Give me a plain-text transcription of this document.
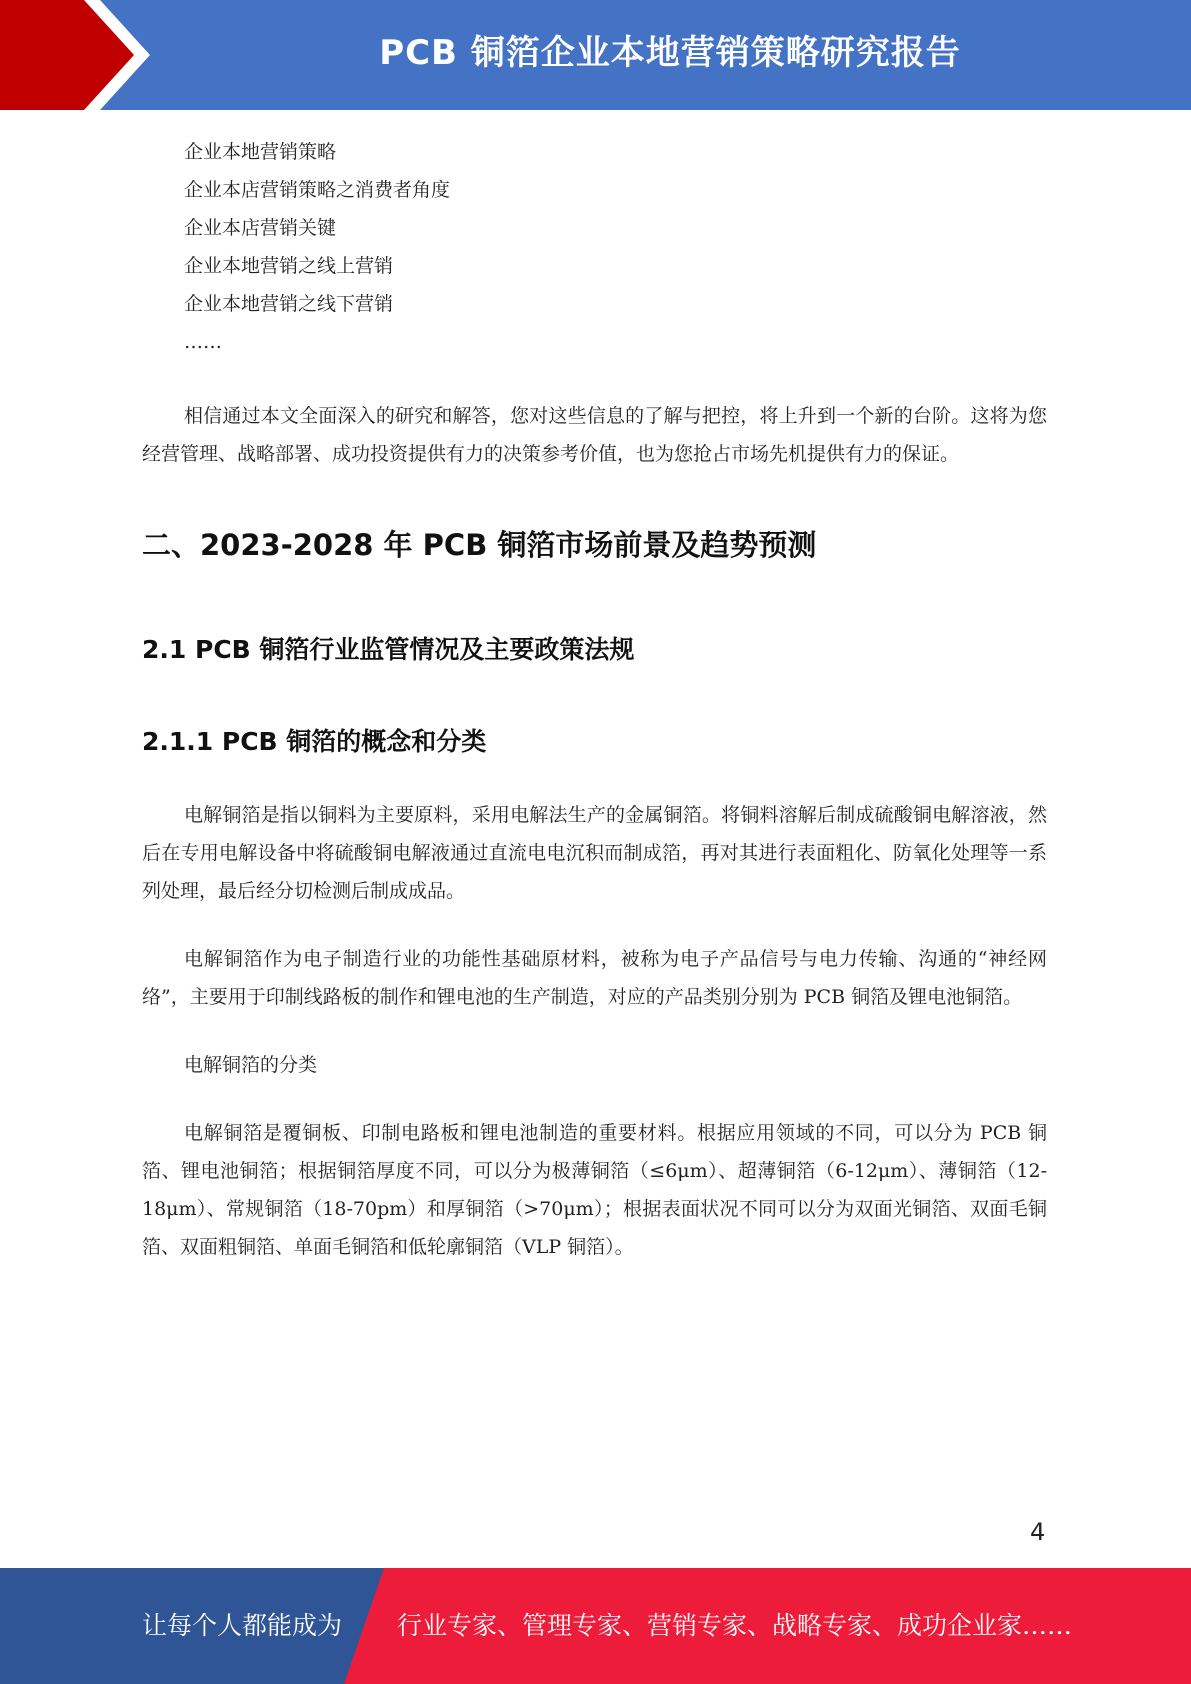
PCB 铜箔企业本地营销策略研究报告

企业本地营销策略

企业本店营销策略之消费者角度

企业本店营销关键

企业本地营销之线上营销

企业本地营销之线下营销

……

相信通过本文全面深入的研究和解答，您对这些信息的了解与把控，将上升到一个新的台阶。这将为您经营管理、战略部署、成功投资提供有力的决策参考价值，也为您抢占市场先机提供有力的保证。

二、2023-2028 年 PCB 铜箔市场前景及趋势预测
2.1 PCB 铜箔行业监管情况及主要政策法规
2.1.1 PCB 铜箔的概念和分类

电解铜箔是指以铜料为主要原料，采用电解法生产的金属铜箔。将铜料溶解后制成硫酸铜电解溶液，然后在专用电解设备中将硫酸铜电解液通过直流电电沉积而制成箔，再对其进行表面粗化、防氧化处理等一系列处理，最后经分切检测后制成成品。

电解铜箔作为电子制造行业的功能性基础原材料，被称为电子产品信号与电力传输、沟通的“神经网络”，主要用于印制线路板的制作和锂电池的生产制造，对应的产品类别分别为 PCB 铜箔及锂电池铜箔。

电解铜箔的分类

电解铜箔是覆铜板、印制电路板和锂电池制造的重要材料。根据应用领域的不同，可以分为 PCB 铜箔、锂电池铜箔；根据铜箔厚度不同，可以分为极薄铜箔（≤6μm）、超薄铜箔（6-12μm）、薄铜箔（12-18μm）、常规铜箔（18-70pm）和厚铜箔（>70μm）；根据表面状况不同可以分为双面光铜箔、双面毛铜箔、双面粗铜箔、单面毛铜箔和低轮廓铜箔（VLP 铜箔）。

4
让每个人都能成为 行业专家、管理专家、营销专家、战略专家、成功企业家……
